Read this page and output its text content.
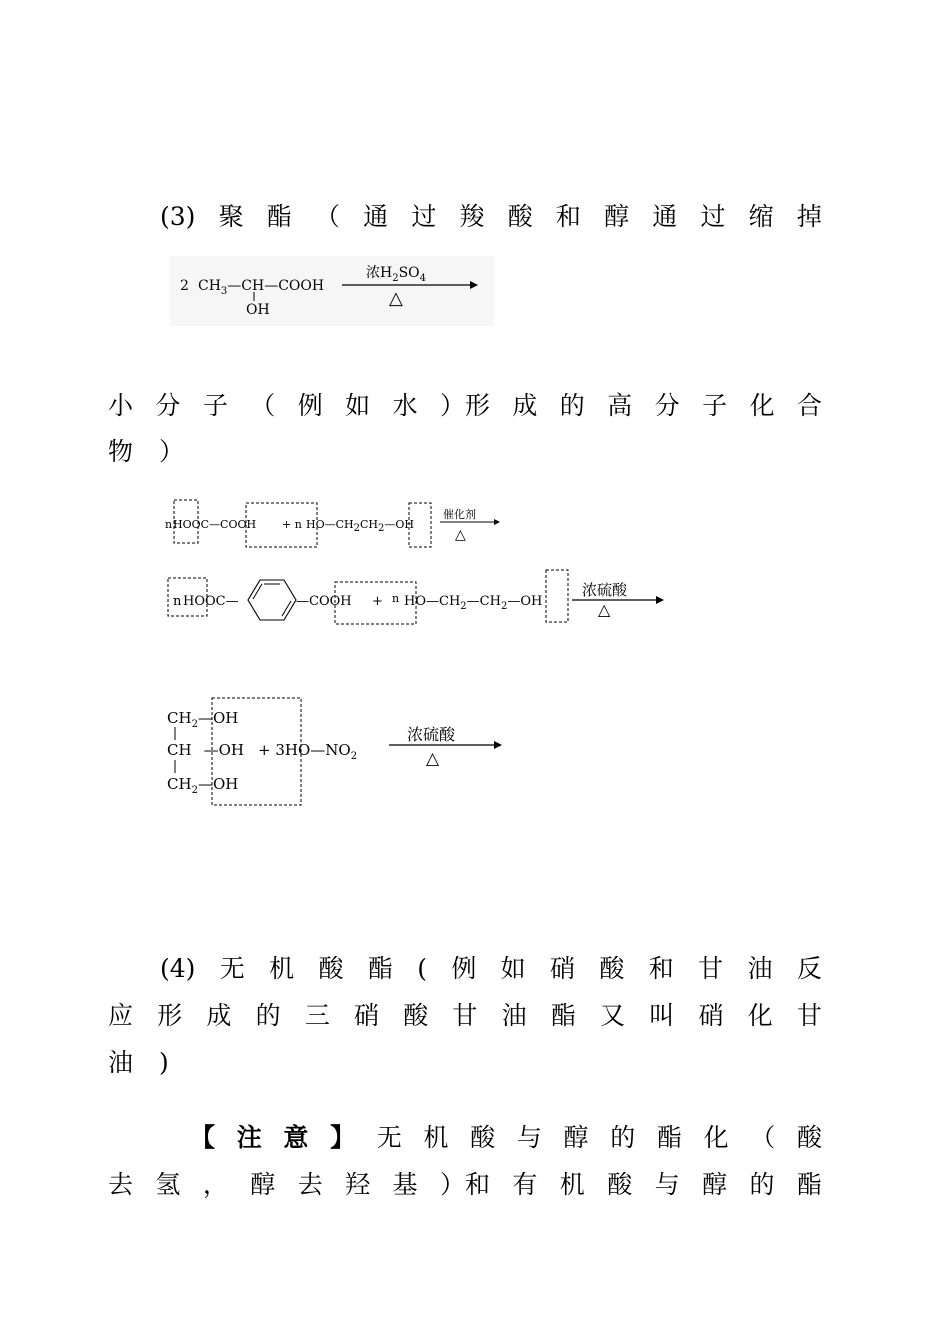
(3) 聚 酯 （ 通 过 羧 酸 和 醇 通 过 缩 掉
2 $CH_3—CH—COOH$
OH
浓$H_2SO_4$
△
小 分 子 （ 例 如 水 ）形 成 的 高 分 子 化 合
物 ）
n HOOC—COOH + n HO—CH2CH2—OH
催化剂
△
n HOOC—	—COOH + n $HO—CH_2—CH_2—OH$
浓硫酸
△
$CH_2—OH$
CH —OH
$CH_2—OH$
+ $3HO—NO_2$
浓硫酸
△
(4) 无 机 酸 酯 ( 例 如 硝 酸 和 甘 油 反
应 形 成 的 三 硝 酸 甘 油 酯 又 叫 硝 化 甘
油 )
【 注 意 】 无 机 酸 与 醇 的 酯 化 （ 酸
去 氢 ， 醇 去 羟 基 ）和 有 机 酸 与 醇 的 酯
